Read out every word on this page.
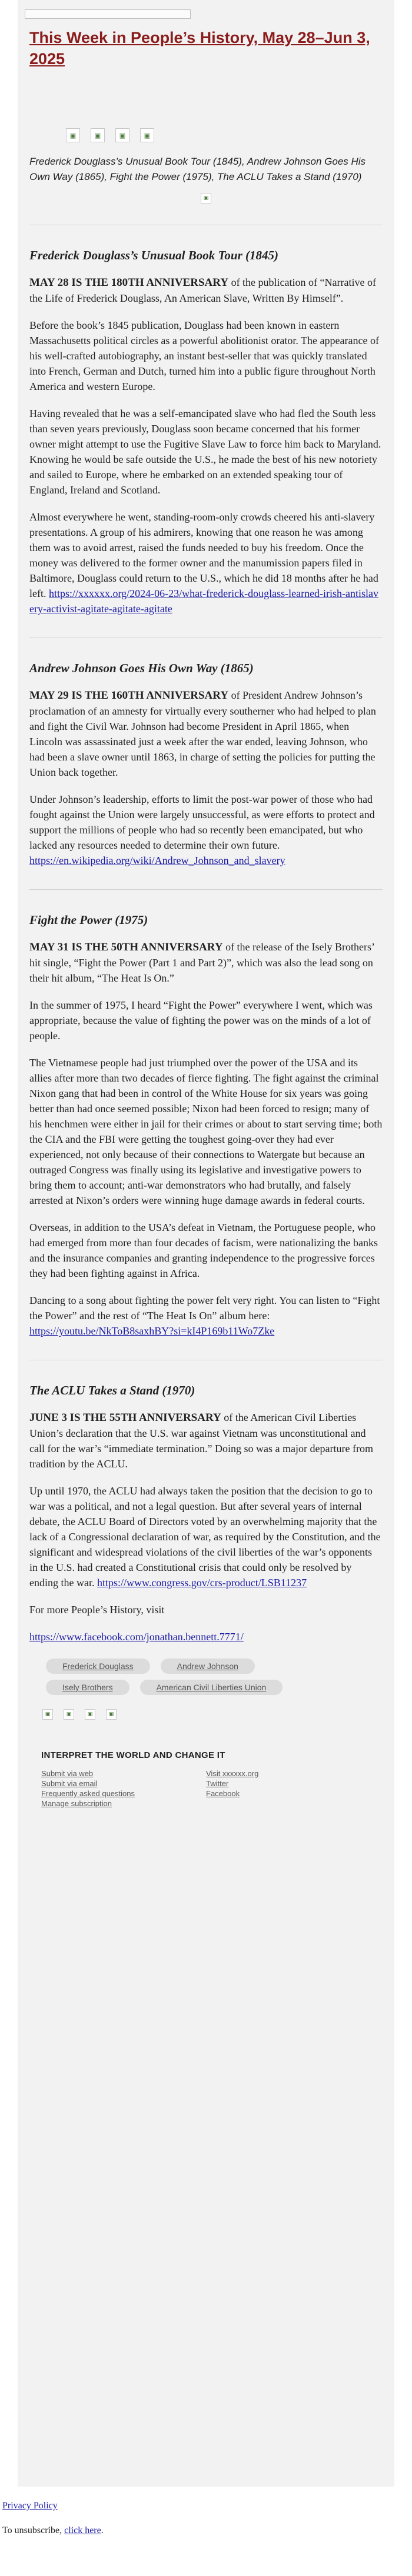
This Week in People’s History, May 28–Jun 3, 2025
▣	▣	▣	▣
Frederick Douglass’s Unusual Book Tour (1845), Andrew Johnson Goes His Own Way (1865), Fight the Power (1975), The ACLU Takes a Stand (1970)
▣
Frederick Douglass’s Unusual Book Tour (1845)

MAY 28 IS THE 180TH ANNIVERSARY of the publication of “Narrative of the Life of Frederick Douglass, An American Slave, Written By Himself”.

Before the book’s 1845 publication, Douglass had been known in eastern Massachusetts political circles as a powerful abolitionist orator. The appearance of his well-crafted autobiography, an instant best-seller that was quickly translated into French, German and Dutch, turned him into a public figure throughout North America and western Europe.

Having revealed that he was a self-emancipated slave who had fled the South less than seven years previously, Douglass soon became concerned that his former owner might attempt to use the Fugitive Slave Law to force him back to Maryland. Knowing he would be safe outside the U.S., he made the best of his new notoriety and sailed to Europe, where he embarked on an extended speaking tour of England, Ireland and Scotland.

Almost everywhere he went, standing-room-only crowds cheered his anti-slavery presentations. A group of his admirers, knowing that one reason he was among them was to avoid arrest, raised the funds needed to buy his freedom. Once the money was delivered to the former owner and the manumission papers filed in Baltimore, Douglass could return to the U.S., which he did 18 months after he had left. https://xxxxxx.org/2024-06-23/what-frederick-douglass-learned-irish-antislavery-activist-agitate-agitate-agitate

Andrew Johnson Goes His Own Way (1865)

MAY 29 IS THE 160TH ANNIVERSARY of President Andrew Johnson’s proclamation of an amnesty for virtually every southerner who had helped to plan and fight the Civil War. Johnson had become President in April 1865, when Lincoln was assassinated just a week after the war ended, leaving Johnson, who had been a slave owner until 1863, in charge of setting the policies for putting the Union back together.

Under Johnson’s leadership, efforts to limit the post-war power of those who had fought against the Union were largely unsuccessful, as were efforts to protect and support the millions of people who had so recently been emancipated, but who lacked any resources needed to determine their own future.
https://en.wikipedia.org/wiki/Andrew_Johnson_and_slavery

Fight the Power (1975)

MAY 31 IS THE 50TH ANNIVERSARY of the release of the Isely Brothers’ hit single, “Fight the Power (Part 1 and Part 2)”, which was also the lead song on their hit album, “The Heat Is On.”

In the summer of 1975, I heard “Fight the Power” everywhere I went, which was appropriate, because the value of fighting the power was on the minds of a lot of people.

The Vietnamese people had just triumphed over the power of the USA and its allies after more than two decades of fierce fighting. The fight against the criminal Nixon gang that had been in control of the White House for six years was going better than had once seemed possible; Nixon had been forced to resign; many of his henchmen were either in jail for their crimes or about to start serving time; both the CIA and the FBI were getting the toughest going-over they had ever experienced, not only because of their connections to Watergate but because an outraged Congress was finally using its legislative and investigative powers to bring them to account; anti-war demonstrators who had brutally, and falsely arrested at Nixon’s orders were winning huge damage awards in federal courts.

Overseas, in addition to the USA’s defeat in Vietnam, the Portuguese people, who had emerged from more than four decades of facism, were nationalizing the banks and the insurance companies and granting independence to the progressive forces they had been fighting against in Africa.

Dancing to a song about fighting the power felt very right. You can listen to “Fight the Power” and the rest of “The Heat Is On” album here:
https://youtu.be/NkToB8saxhBY?si=kI4P169b11Wo7Zke

The ACLU Takes a Stand (1970)

JUNE 3 IS THE 55TH ANNIVERSARY of the American Civil Liberties Union’s declaration that the U.S. war against Vietnam was unconstitutional and call for the war’s “immediate termination.” Doing so was a major departure from tradition by the ACLU.

Up until 1970, the ACLU had always taken the position that the decision to go to war was a political, and not a legal question. But after several years of internal debate, the ACLU Board of Directors voted by an overwhelming majority that the lack of a Congressional declaration of war, as required by the Constitution, and the significant and widespread violations of the civil liberties of the war’s opponents in the U.S. had created a Constitutional crisis that could only be resolved by ending the war. https://www.congress.gov/crs-product/LSB11237

For more People’s History, visit

https://www.facebook.com/jonathan.bennett.7771/

Frederick Douglass	Andrew Johnson
Isely Brothers	American Civil Liberties Union
▣	▣	▣	▣
INTERPRET THE WORLD AND CHANGE IT
Submit via web
Submit via email
Frequently asked questions
Manage subscription
Visit xxxxxx.org
Twitter
Facebook
Privacy Policy
To unsubscribe, click here.
